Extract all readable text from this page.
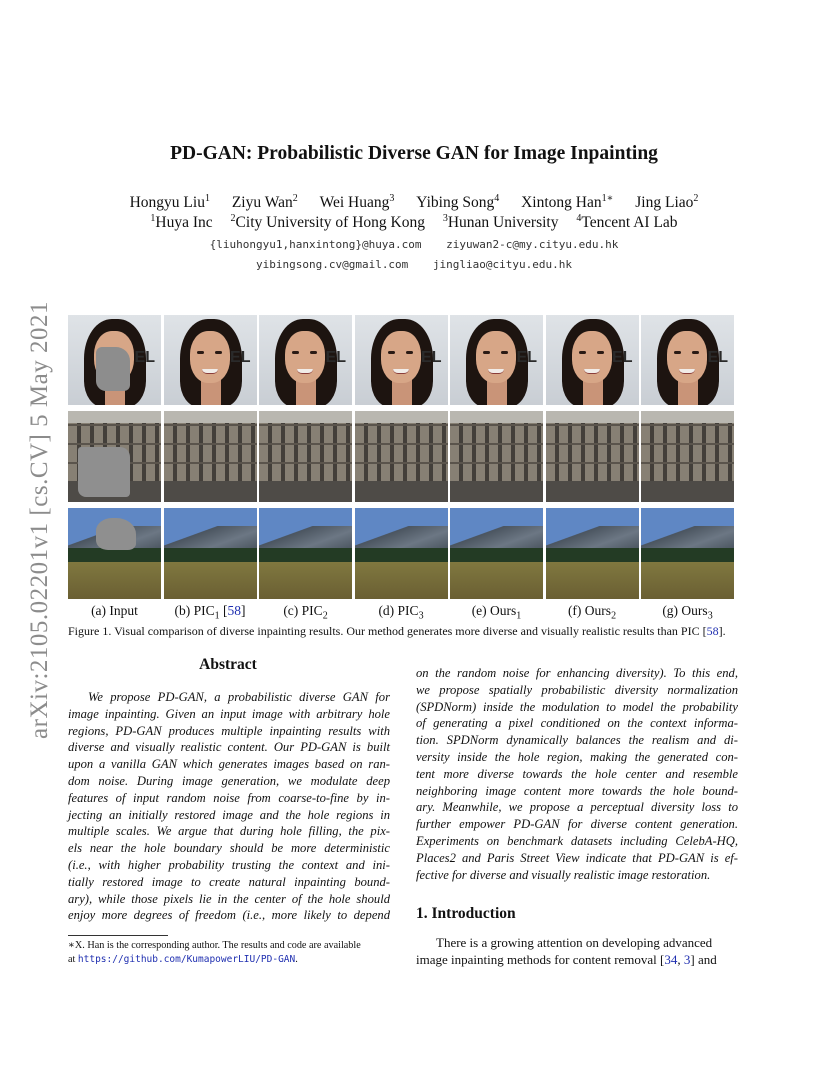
arXiv:2105.02201v1 [cs.CV] 5 May 2021
PD-GAN: Probabilistic Diverse GAN for Image Inpainting
Hongyu Liu$^1$ Ziyu Wan$^2$ Wei Huang$^3$ Yibing Song$^4$ Xintong Han$^{1∗}$ Jing Liao$^2$
$^1$Huya Inc $^2$City University of Hong Kong $^3$Hunan University $^4$Tencent AI Lab
{liuhongyu1,hanxintong}@huya.com ziyuwan2-c@my.cityu.edu.hk
yibingsong.cv@gmail.com jingliao@cityu.edu.hk
EL	EL	EL	EL	EL	EL	EL
(a) Input	(b) $PIC_1$ [58]	(c) $PIC_2$	(d) $PIC_3$	(e) Ours$_1$	(f) Ours$_2$	(g) Ours$_3$
Figure 1. Visual comparison of diverse inpainting results. Our method generates more diverse and visually realistic results than PIC [58].
Abstract
We propose PD-GAN, a probabilistic diverse GAN for
image inpainting. Given an input image with arbitrary hole
regions, PD-GAN produces multiple inpainting results with
diverse and visually realistic content. Our PD-GAN is built
upon a vanilla GAN which generates images based on ran-
dom noise. During image generation, we modulate deep
features of input random noise from coarse-to-fine by in-
jecting an initially restored image and the hole regions in
multiple scales. We argue that during hole filling, the pix-
els near the hole boundary should be more deterministic
(i.e., with higher probability trusting the context and ini-
tially restored image to create natural inpainting bound-
ary), while those pixels lie in the center of the hole should
enjoy more degrees of freedom (i.e., more likely to depend
on the random noise for enhancing diversity). To this end,
we propose spatially probabilistic diversity normalization
(SPDNorm) inside the modulation to model the probability
of generating a pixel conditioned on the context informa-
tion. SPDNorm dynamically balances the realism and di-
versity inside the hole region, making the generated con-
tent more diverse towards the hole center and resemble
neighboring image content more towards the hole bound-
ary. Meanwhile, we propose a perceptual diversity loss to
further empower PD-GAN for diverse content generation.
Experiments on benchmark datasets including CelebA-HQ,
Places2 and Paris Street View indicate that PD-GAN is ef-
fective for diverse and visually realistic image restoration.
1. Introduction
There is a growing attention on developing advanced
image inpainting methods for content removal [34, 3] and
∗X. Han is the corresponding author. The results and code are available
at https://github.com/KumapowerLIU/PD-GAN.
